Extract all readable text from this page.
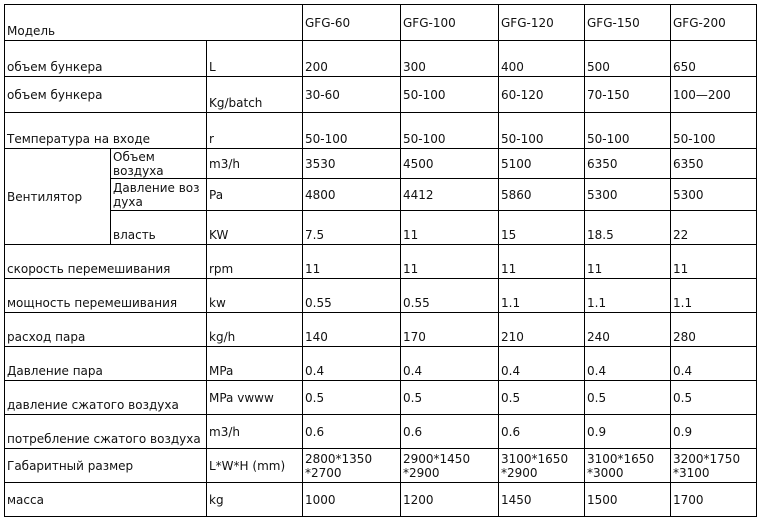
Модель			GFG-60	GFG-100	GFG-120	GFG-150	GFG-200
объем бункера		L	200	300	400	500	650
объем бункера		Kg/batch	30-60	50-100	60-120	70-150	100—200
Температура на входе		r	50-100	50-100	50-100	50-100	50-100
Вентилятор	Объем воздуха	m3/h	3530	4500	5100	6350	6350
	Давление воз духа	Pa	4800	4412	5860	5300	5300
	власть	KW	7.5	11	15	18.5	22
скорость перемешивания		rpm	11	11	11	11	11
мощность перемешивания		kw	0.55	0.55	1.1	1.1	1.1
расход пара		kg/h	140	170	210	240	280
Давление пара		MPa	0.4	0.4	0.4	0.4	0.4
давление сжатого воздуха		MPa vwww	0.5	0.5	0.5	0.5	0.5
потребление сжатого воздуха		m3/h	0.6	0.6	0.6	0.9	0.9
Габаритный размер		L*W*H (mm)	2800*1350 *2700	2900*1450 *2900	3100*1650 *2900	3100*1650 *3000	3200*1750 *3100
масса		kg	1000	1200	1450	1500	1700
